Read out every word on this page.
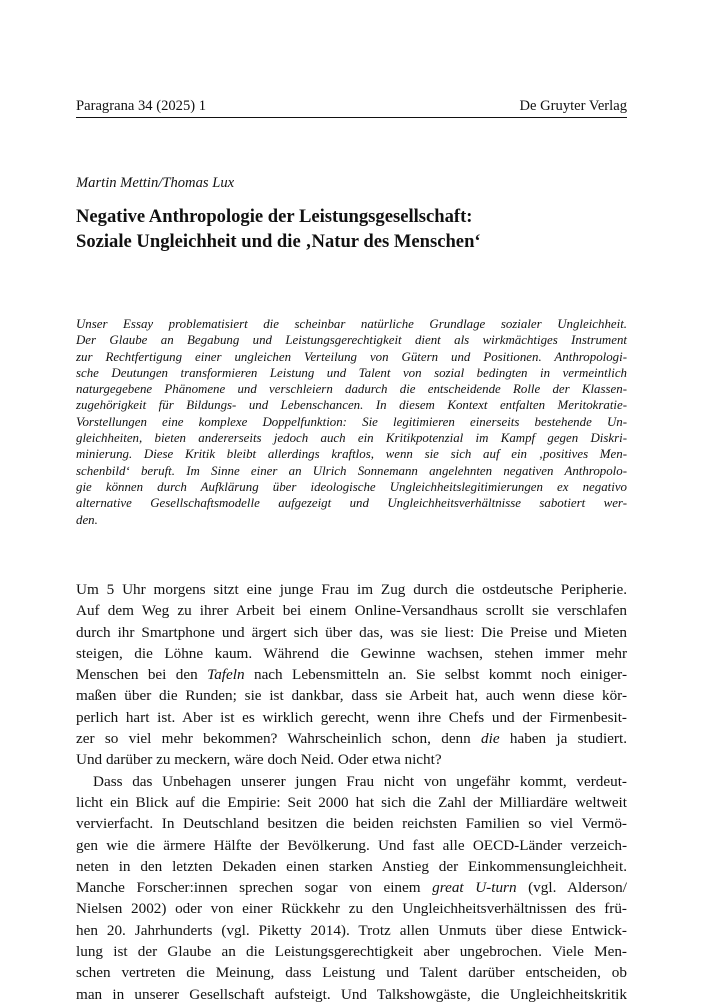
Paragrana 34 (2025) 1	De Gruyter Verlag
Martin Mettin/Thomas Lux
Negative Anthropologie der Leistungsgesellschaft:
Soziale Ungleichheit und die ‚Natur des Menschen‘
Unser Essay problematisiert die scheinbar natürliche Grundlage sozialer Ungleichheit.
Der Glaube an Begabung und Leistungsgerechtigkeit dient als wirkmächtiges Instrument
zur Rechtfertigung einer ungleichen Verteilung von Gütern und Positionen. Anthropologi-
sche Deutungen transformieren Leistung und Talent von sozial bedingten in vermeintlich
naturgegebene Phänomene und verschleiern dadurch die entscheidende Rolle der Klassen-
zugehörigkeit für Bildungs- und Lebenschancen. In diesem Kontext entfalten Meritokratie-
Vorstellungen eine komplexe Doppelfunktion: Sie legitimieren einerseits bestehende Un-
gleichheiten, bieten andererseits jedoch auch ein Kritikpotenzial im Kampf gegen Diskri-
minierung. Diese Kritik bleibt allerdings kraftlos, wenn sie sich auf ein ‚positives Men-
schenbild‘ beruft. Im Sinne einer an Ulrich Sonnemann angelehnten negativen Anthropolo-
gie können durch Aufklärung über ideologische Ungleichheitslegitimierungen ex negativo
alternative Gesellschaftsmodelle aufgezeigt und Ungleichheitsverhältnisse sabotiert wer-
den.
Um 5 Uhr morgens sitzt eine junge Frau im Zug durch die ostdeutsche Peripherie.
Auf dem Weg zu ihrer Arbeit bei einem Online-Versandhaus scrollt sie verschlafen
durch ihr Smartphone und ärgert sich über das, was sie liest: Die Preise und Mieten
steigen, die Löhne kaum. Während die Gewinne wachsen, stehen immer mehr
Menschen bei den Tafeln nach Lebensmitteln an. Sie selbst kommt noch einiger-
maßen über die Runden; sie ist dankbar, dass sie Arbeit hat, auch wenn diese kör-
perlich hart ist. Aber ist es wirklich gerecht, wenn ihre Chefs und der Firmenbesit-
zer so viel mehr bekommen? Wahrscheinlich schon, denn die haben ja studiert.
Und darüber zu meckern, wäre doch Neid. Oder etwa nicht?
Dass das Unbehagen unserer jungen Frau nicht von ungefähr kommt, verdeut-
licht ein Blick auf die Empirie: Seit 2000 hat sich die Zahl der Milliardäre weltweit
vervierfacht. In Deutschland besitzen die beiden reichsten Familien so viel Vermö-
gen wie die ärmere Hälfte der Bevölkerung. Und fast alle OECD-Länder verzeich-
neten in den letzten Dekaden einen starken Anstieg der Einkommensungleichheit.
Manche Forscher:innen sprechen sogar von einem great U-turn (vgl. Alderson/
Nielsen 2002) oder von einer Rückkehr zu den Ungleichheitsverhältnissen des frü-
hen 20. Jahrhunderts (vgl. Piketty 2014). Trotz allen Unmuts über diese Entwick-
lung ist der Glaube an die Leistungsgerechtigkeit aber ungebrochen. Viele Men-
schen vertreten die Meinung, dass Leistung und Talent darüber entscheiden, ob
man in unserer Gesellschaft aufsteigt. Und Talkshowgäste, die Ungleichheitskritik
